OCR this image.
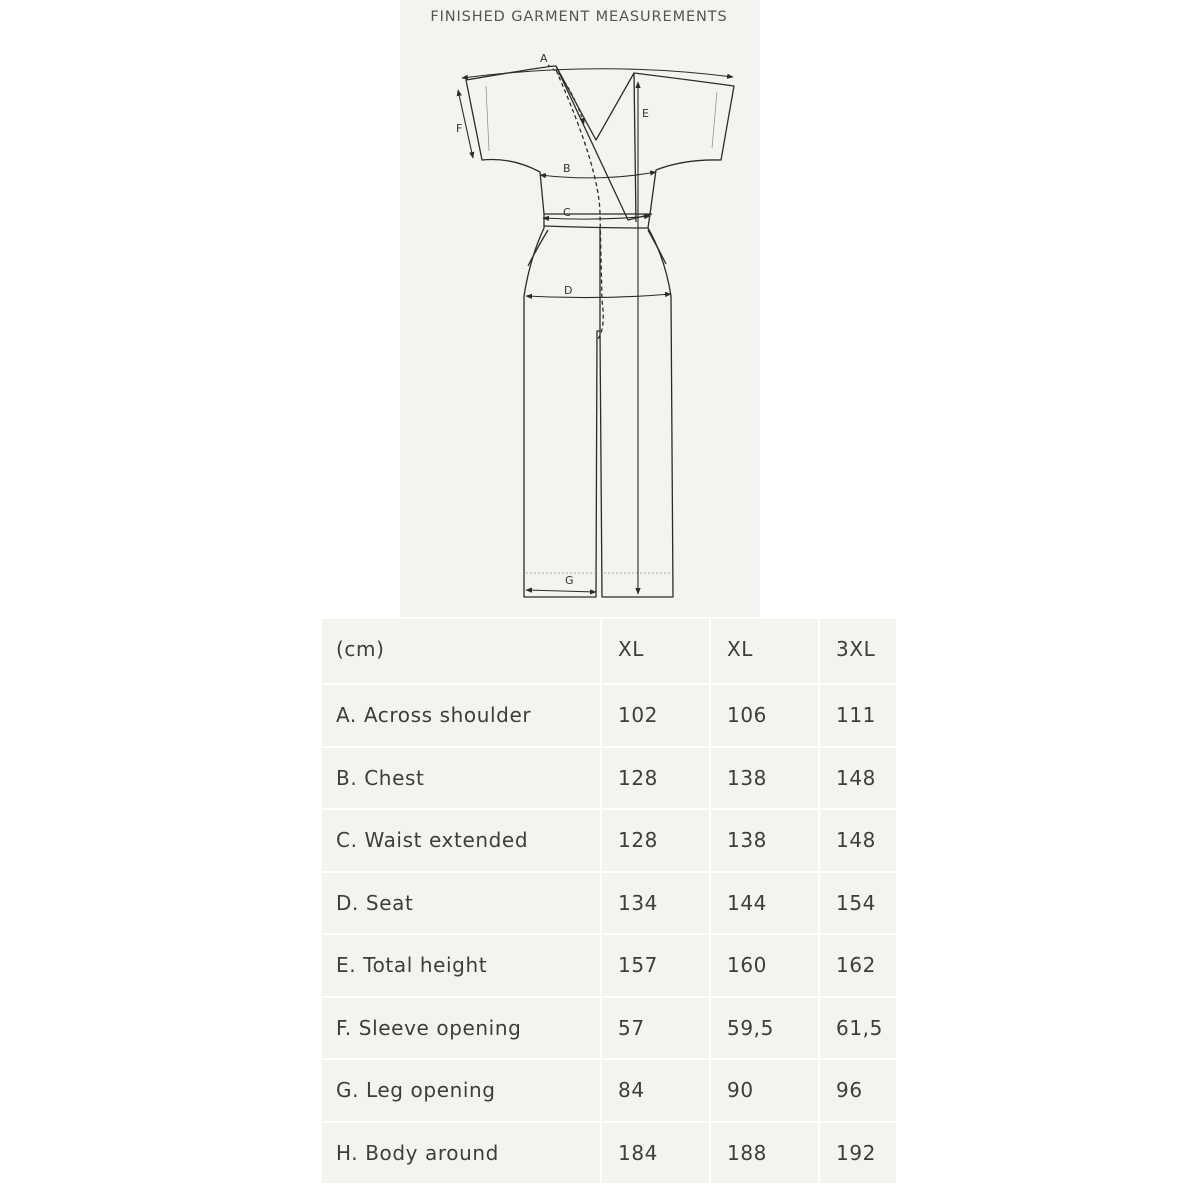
FINISHED GARMENT MEASUREMENTS
A
B
C
D
E
F
G
(cm)	XL	XL	3XL
A. Across shoulder	102	106	111
B. Chest	128	138	148
C. Waist extended	128	138	148
D. Seat	134	144	154
E. Total height	157	160	162
F. Sleeve opening	57	59,5	61,5
G. Leg opening	84	90	96
H. Body around	184	188	192
